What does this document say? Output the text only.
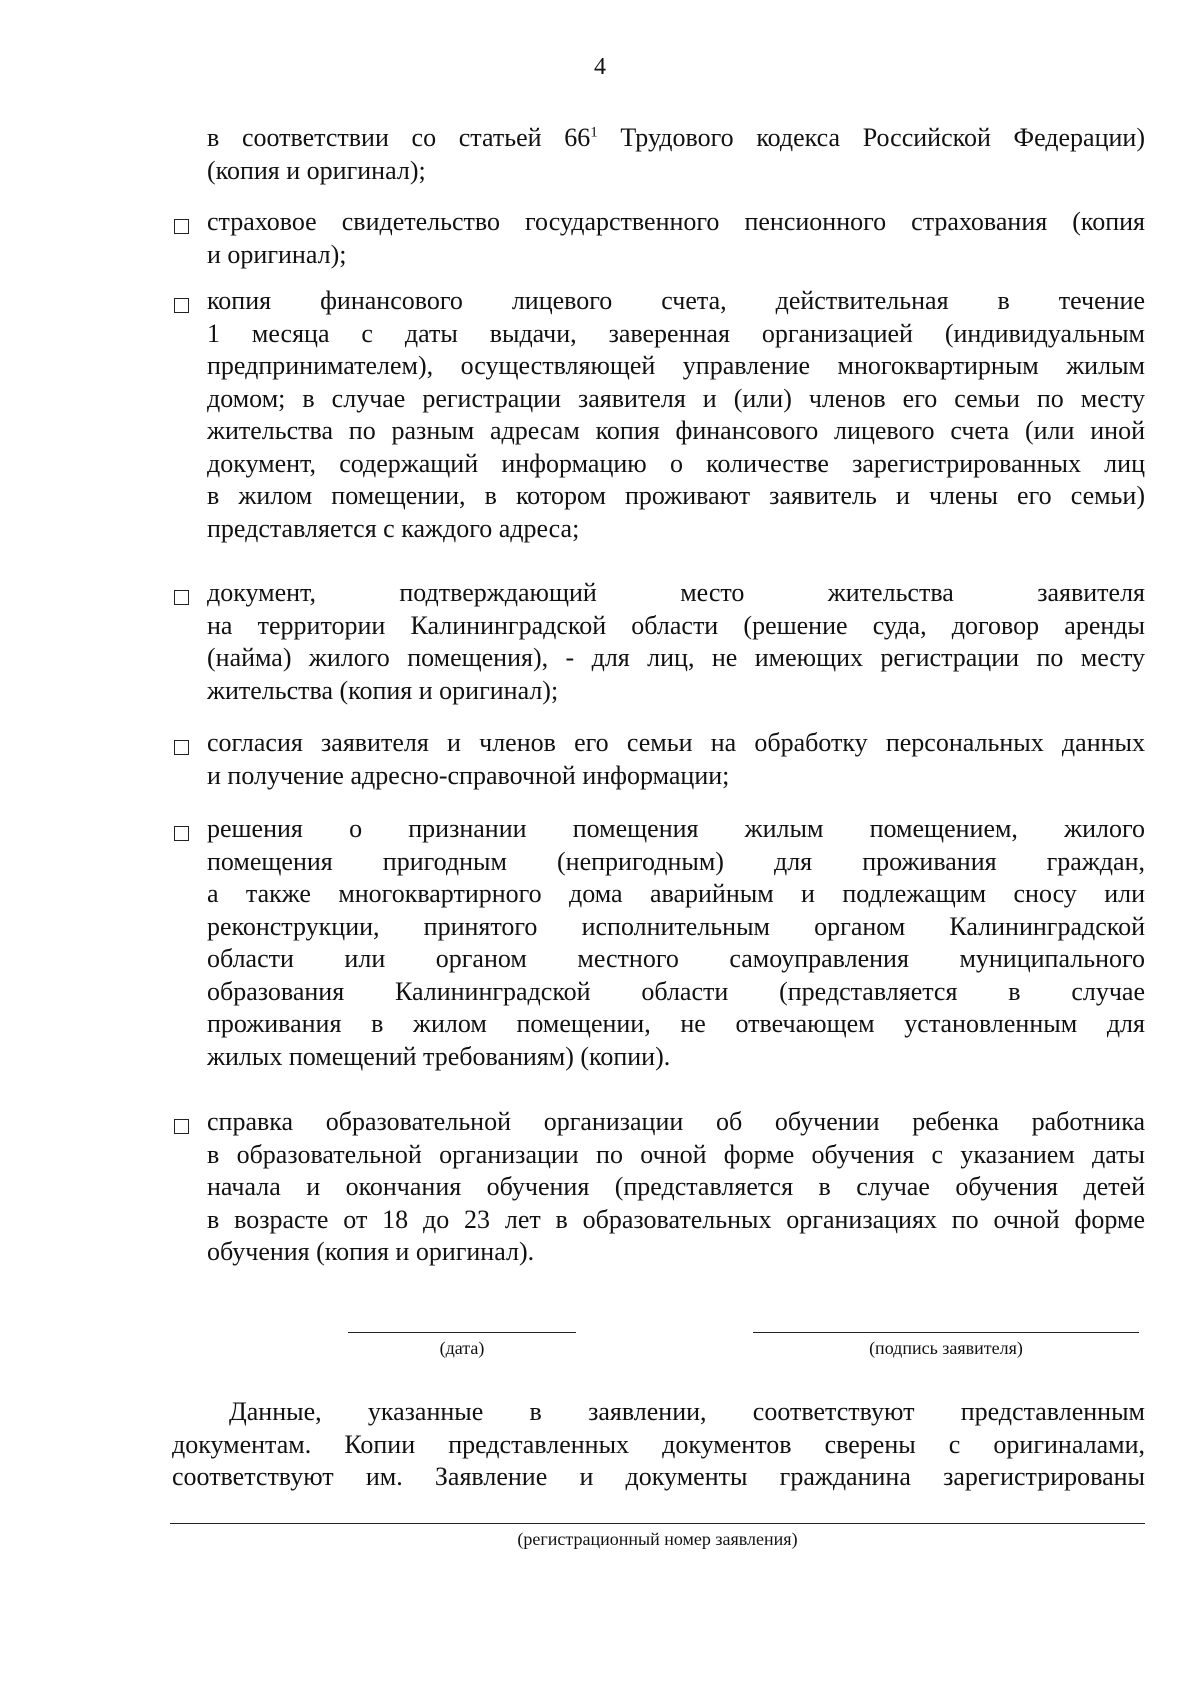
4
в соответствии со статьей $66^1$ Трудового кодекса Российской Федерации)
(копия и оригинал);
страховое свидетельство государственного пенсионного страхования (копия
и оригинал);
копия финансового лицевого счета, действительная в течение
1 месяца с даты выдачи, заверенная организацией (индивидуальным
предпринимателем), осуществляющей управление многоквартирным жилым
домом; в случае регистрации заявителя и (или) членов его семьи по месту
жительства по разным адресам копия финансового лицевого счета (или иной
документ, содержащий информацию о количестве зарегистрированных лиц
в жилом помещении, в котором проживают заявитель и члены его семьи)
представляется с каждого адреса;
документ, подтверждающий место жительства заявителя
на территории Калининградской области (решение суда, договор аренды
(найма) жилого помещения), - для лиц, не имеющих регистрации по месту
жительства (копия и оригинал);
согласия заявителя и членов его семьи на обработку персональных данных
и получение адресно-справочной информации;
решения о признании помещения жилым помещением, жилого
помещения пригодным (непригодным) для проживания граждан,
а также многоквартирного дома аварийным и подлежащим сносу или
реконструкции, принятого исполнительным органом Калининградской
области или органом местного самоуправления муниципального
образования Калининградской области (представляется в случае
проживания в жилом помещении, не отвечающем установленным для
жилых помещений требованиям) (копии).
справка образовательной организации об обучении ребенка работника
в образовательной организации по очной форме обучения с указанием даты
начала и окончания обучения (представляется в случае обучения детей
в возрасте от 18 до 23 лет в образовательных организациях по очной форме
обучения (копия и оригинал).
(дата)	(подпись заявителя)
Данные, указанные в заявлении, соответствуют представленным
документам. Копии представленных документов сверены с оригиналами,
соответствуют им. Заявление и документы гражданина зарегистрированы
(регистрационный номер заявления)
